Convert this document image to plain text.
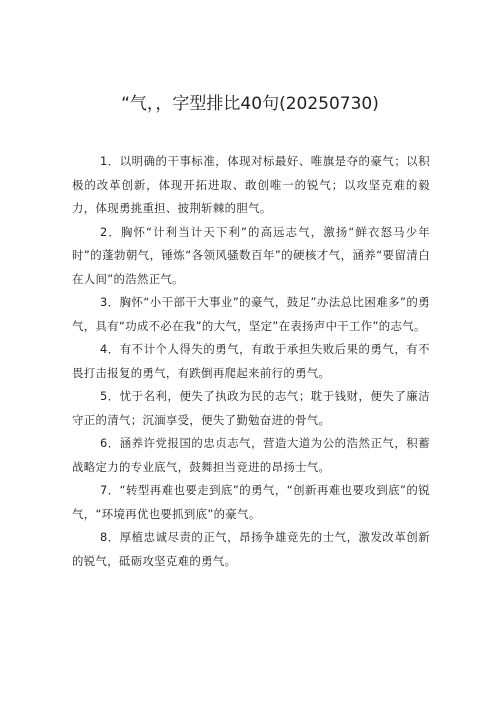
“气，，字型排比40句(20250730)

1．以明确的干事标准，体现对标最好、唯旗是夺的豪气；以积极的改革创新，体现开拓进取、敢创唯一的锐气；以攻坚克难的毅力，体现勇挑重担、披荆斩棘的胆气。

2．胸怀“计利当计天下利”的高远志气，激扬“鲜衣怒马少年时”的蓬勃朝气，锤炼“各领风骚数百年”的硬核才气，涵养“要留清白在人间”的浩然正气。

3．胸怀“小干部干大事业”的豪气，鼓足”办法总比困难多”的勇气，具有“功成不必在我”的大气，坚定”在表扬声中干工作”的志气。

4．有不计个人得失的勇气，有敢于承担失败后果的勇气，有不畏打击报复的勇气，有跌倒再爬起来前行的勇气。

5．忧于名利，便失了执政为民的志气；耽于钱财，便失了廉洁守正的清气；沉湎享受，便失了勤勉奋进的骨气。

6．涵养许党报国的忠贞志气，营造大道为公的浩然正气，积蓄战略定力的专业底气，鼓舞担当竞进的昂扬士气。

7．“转型再难也要走到底”的勇气，“创新再难也要攻到底”的锐气，“环境再优也要抓到底”的豪气。

8．厚植忠诚尽责的正气，昂扬争雄竞先的士气，激发改革创新的锐气，砥砺攻坚克难的勇气。
